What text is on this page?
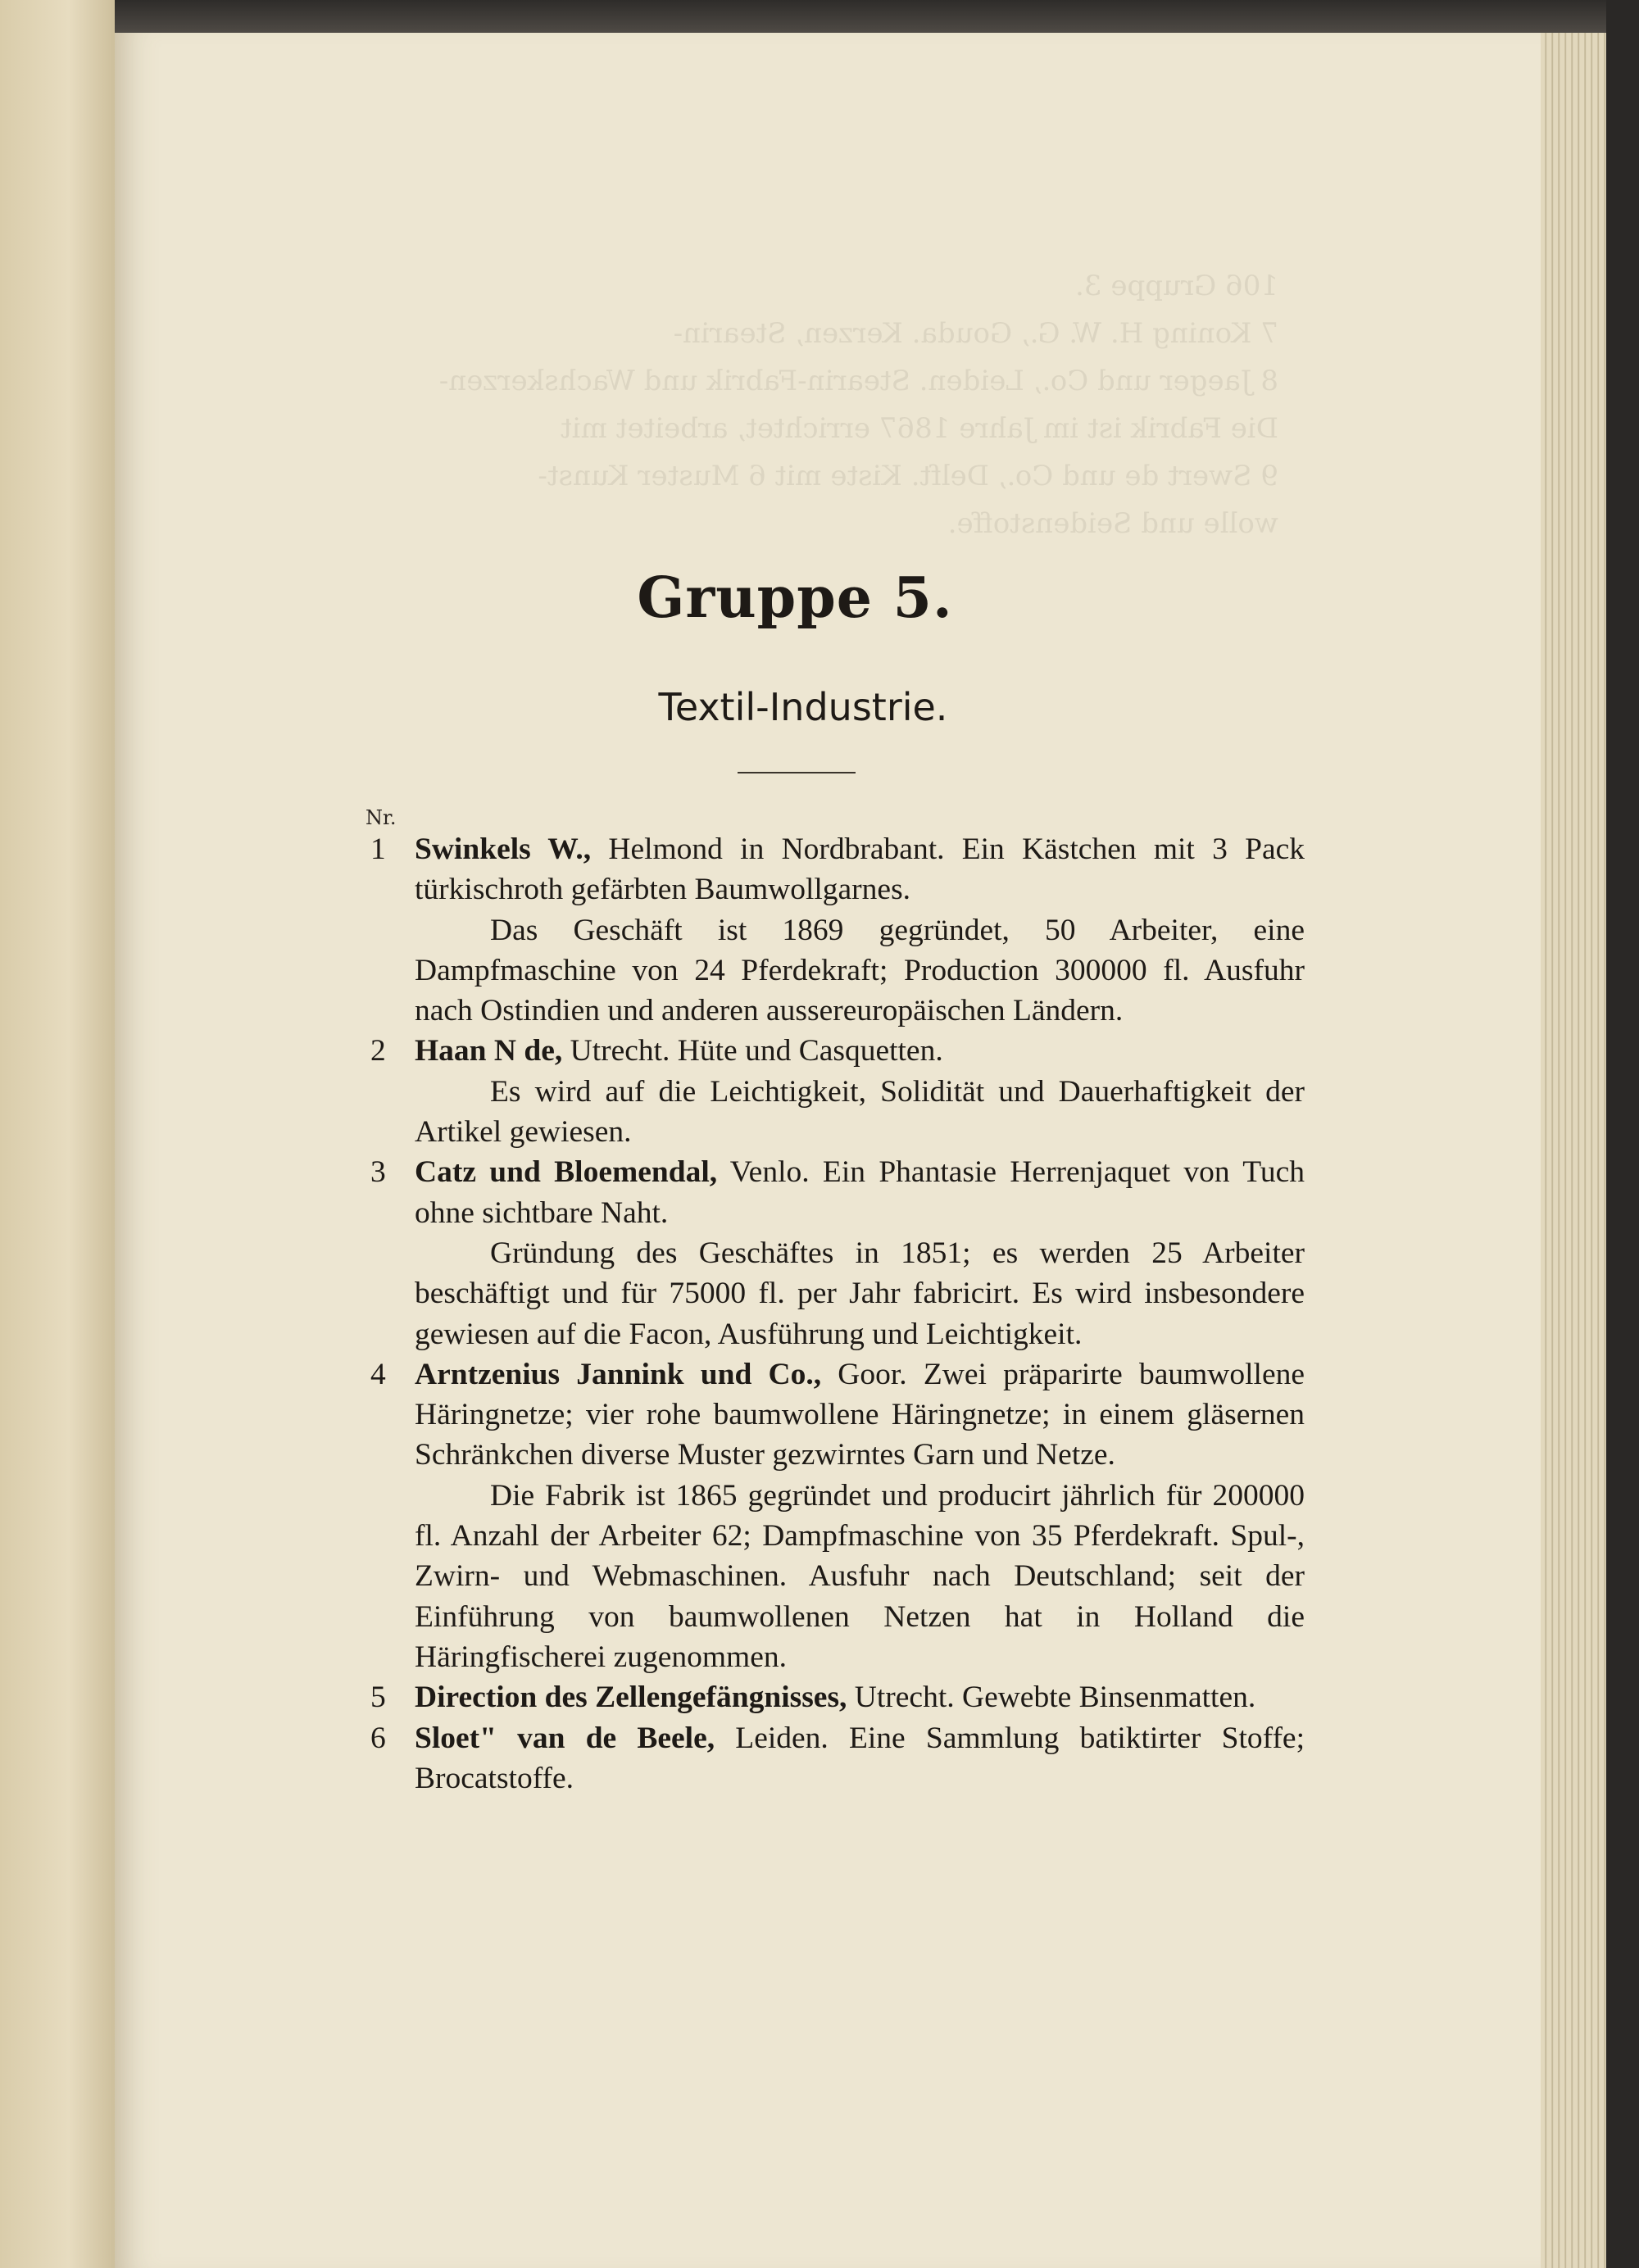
Gruppe 5.
Textil-Industrie.
Nr.
1 Swinkels W., Helmond in Nordbrabant. Ein Kästchen mit 3 Pack türkischroth gefärbten Baumwollgarnes.
Das Geschäft ist 1869 gegründet, 50 Arbeiter, eine Dampfmaschine von 24 Pferdekraft; Production 300000 fl. Ausfuhr nach Ostindien und anderen aussereuropäischen Ländern.
2 Haan N de, Utrecht. Hüte und Casquetten.
Es wird auf die Leichtigkeit, Solidität und Dauerhaftigkeit der Artikel gewiesen.
3 Catz und Bloemendal, Venlo. Ein Phantasie Herrenjaquet von Tuch ohne sichtbare Naht.
Gründung des Geschäftes in 1851; es werden 25 Arbeiter beschäftigt und für 75000 fl. per Jahr fabricirt. Es wird insbesondere gewiesen auf die Facon, Ausführung und Leichtigkeit.
4 Arntzenius Jannink und Co., Goor. Zwei präparirte baumwollene Häringnetze; vier rohe baumwollene Häringnetze; in einem gläsernen Schränkchen diverse Muster gezwirntes Garn und Netze.
Die Fabrik ist 1865 gegründet und producirt jährlich für 200000 fl. Anzahl der Arbeiter 62; Dampfmaschine von 35 Pferdekraft. Spul-, Zwirn- und Webmaschinen. Ausfuhr nach Deutschland; seit der Einführung von baumwollenen Netzen hat in Holland die Häringfischerei zugenommen.
5 Direction des Zellengefängnisses, Utrecht. Gewebte Binsenmatten.
6 Sloet" van de Beele, Leiden. Eine Sammlung batiktirter Stoffe; Brocatstoffe.
